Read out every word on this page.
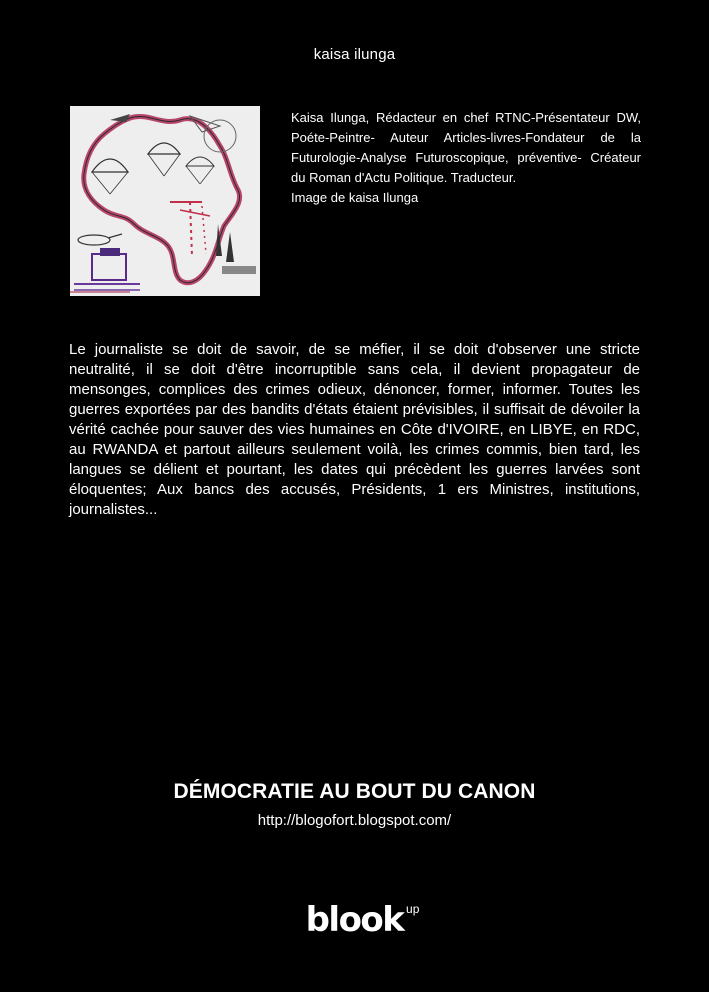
kaisa ilunga

Kaisa Ilunga, Rédacteur en chef RTNC-Présentateur DW, Poéte-Peintre- Auteur Articles-livres-Fondateur de la Futurologie-Analyse Futuroscopique, préventive- Créateur du Roman d'Actu Politique. Traducteur.

Image de kaisa Ilunga

Le journaliste se doit de savoir, de se méfier, il se doit d'observer une stricte neutralité, il se doit d'être incorruptible sans cela, il devient propagateur de mensonges, complices des crimes odieux, dénoncer, former, informer. Toutes les guerres exportées par des bandits d'états étaient prévisibles, il suffisait de dévoiler la vérité cachée pour sauver des vies humaines en Côte d'IVOIRE, en LIBYE, en RDC, au RWANDA et partout ailleurs seulement voilà, les crimes commis, bien tard, les langues se délient et pourtant, les dates qui précèdent les guerres larvées sont éloquentes; Aux bancs des accusés, Présidents, 1 ers Ministres, institutions, journalistes...

DÉMOCRATIE AU BOUT DU CANON
http://blogofort.blogspot.com/
blook up
